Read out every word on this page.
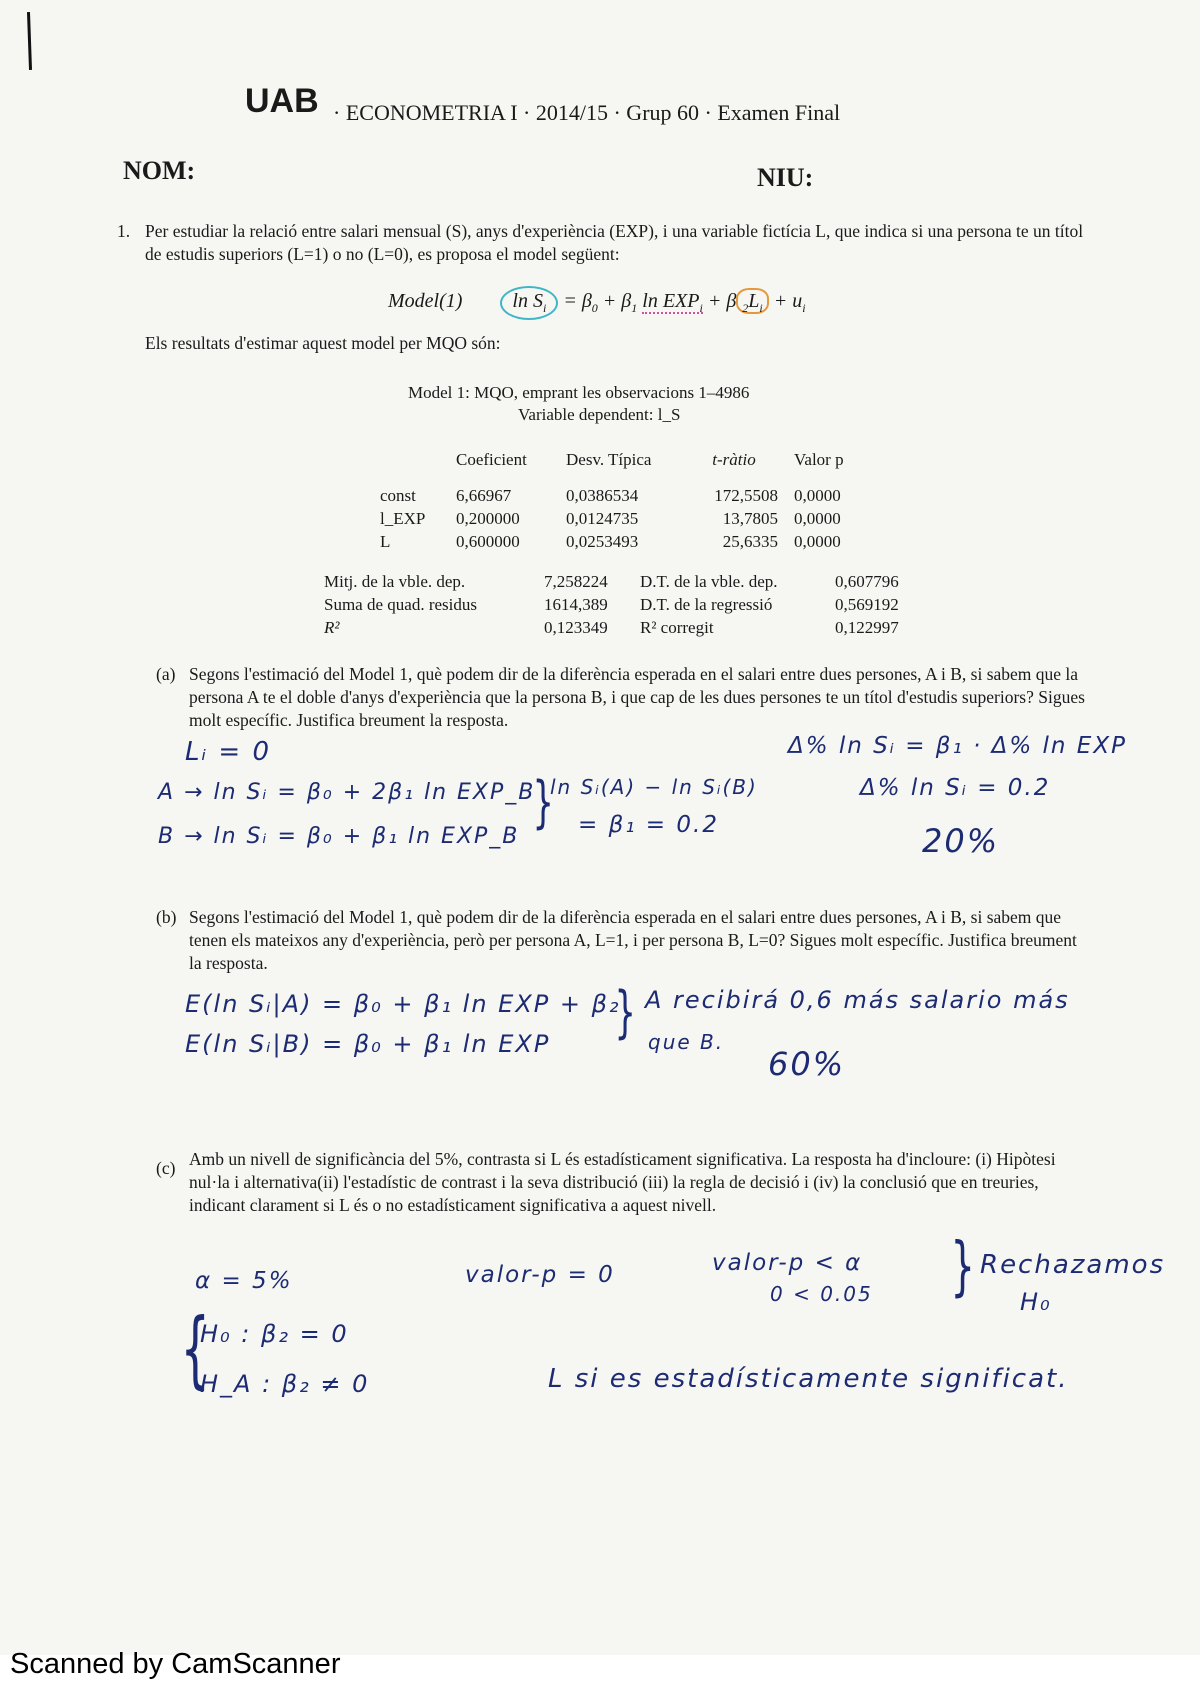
UAB · ECONOMETRIA I · 2014/15 · Grup 60 · Examen Final
NOM:	NIU:
1. Per estudiar la relació entre salari mensual (S), anys d'experiència (EXP), i una variable fictícia L, que indica si una persona te un títol de estudis superiors (L=1) o no (L=0), es proposa el model següent:
Model(1)	$\ln S_i = \beta_0 + \beta_1$ $\ln EXP_i + \beta$ $_2L_i + u_i$
Els resultats d'estimar aquest model per MQO són:
Model 1: MQO, emprant les observacions 1–4986
Variable dependent: l_S
	Coeficient	Desv. Típica	t-ràtio	Valor p
const	6,66967	0,0386534	172,5508	0,0000
l_EXP	0,200000	0,0124735	13,7805	0,0000
L	0,600000	0,0253493	25,6335	0,0000
Mitj. de la vble. dep.	7,258224	D.T. de la vble. dep.	0,607796
Suma de quad. residus	1614,389	D.T. de la regressió	0,569192
R²	0,123349	R² corregit	0,122997
(a) Segons l'estimació del Model 1, què podem dir de la diferència esperada en el salari entre dues persones, A i B, si sabem que la persona A te el doble d'anys d'experiència que la persona B, i que cap de les dues persones te un títol d'estudis superiors? Sigues molt específic. Justifica breument la resposta.
Lᵢ = 0	Δ% ln Sᵢ = β₁ · Δ% ln EXP
A → ln Sᵢ = β₀ + 2β₁ ln EXP_B
}
ln Sᵢ(A) − ln Sᵢ(B)	Δ% ln Sᵢ = 0.2
B → ln Sᵢ = β₀ + β₁ ln EXP_B	= β₁ = 0.2	20%
(b) Segons l'estimació del Model 1, què podem dir de la diferència esperada en el salari entre dues persones, A i B, si sabem que tenen els mateixos any d'experiència, però per persona A, L=1, i per persona B, L=0? Sigues molt específic. Justifica breument la resposta.
E(ln Sᵢ|A) = β₀ + β₁ ln EXP + β₂
} A recibirá 0,6 más salario más
E(ln Sᵢ|B) = β₀ + β₁ ln EXP	que B.
60%
(c) Amb un nivell de significància del 5%, contrasta si L és estadísticament significativa. La resposta ha d'incloure: (i) Hipòtesi nul·la i alternativa(ii) l'estadístic de contrast i la seva distribució (iii) la regla de decisió i (iv) la conclusió que en treuries, indicant clarament si L és o no estadísticament significativa a aquest nivell.
α = 5%	valor-p = 0	valor-p < α
0 < 0.05 } Rechazamos
H₀
{
H₀ : β₂ = 0
H_A : β₂ ≠ 0	L si es estadísticamente significat.
Scanned by CamScanner
